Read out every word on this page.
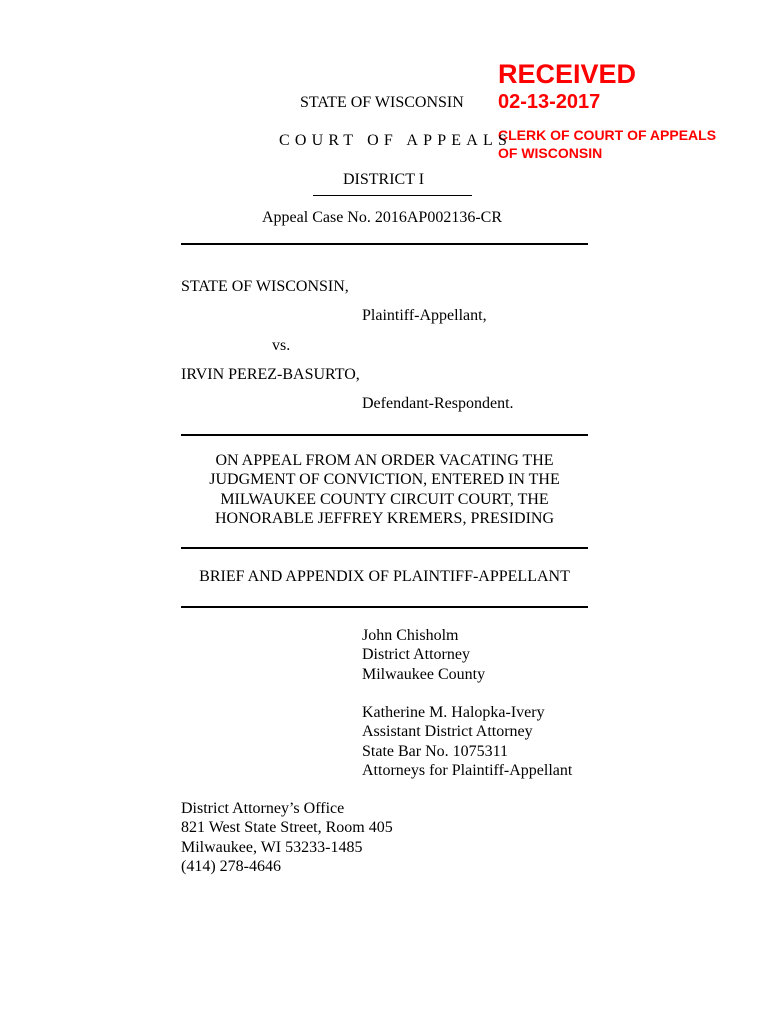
RECEIVED
02-13-2017
CLERK OF COURT OF APPEALS
OF WISCONSIN
STATE OF WISCONSIN
COURT OF APPEALS
DISTRICT I
Appeal Case No. 2016AP002136-CR
STATE OF WISCONSIN,
Plaintiff-Appellant,
vs.
IRVIN PEREZ-BASURTO,
Defendant-Respondent.
ON APPEAL FROM AN ORDER VACATING THE
JUDGMENT OF CONVICTION, ENTERED IN THE
MILWAUKEE COUNTY CIRCUIT COURT, THE
HONORABLE JEFFREY KREMERS, PRESIDING
BRIEF AND APPENDIX OF PLAINTIFF-APPELLANT
John Chisholm
District Attorney
Milwaukee County
Katherine M. Halopka-Ivery
Assistant District Attorney
State Bar No. 1075311
Attorneys for Plaintiff-Appellant
District Attorney’s Office
821 West State Street, Room 405
Milwaukee, WI 53233-1485
(414) 278-4646
